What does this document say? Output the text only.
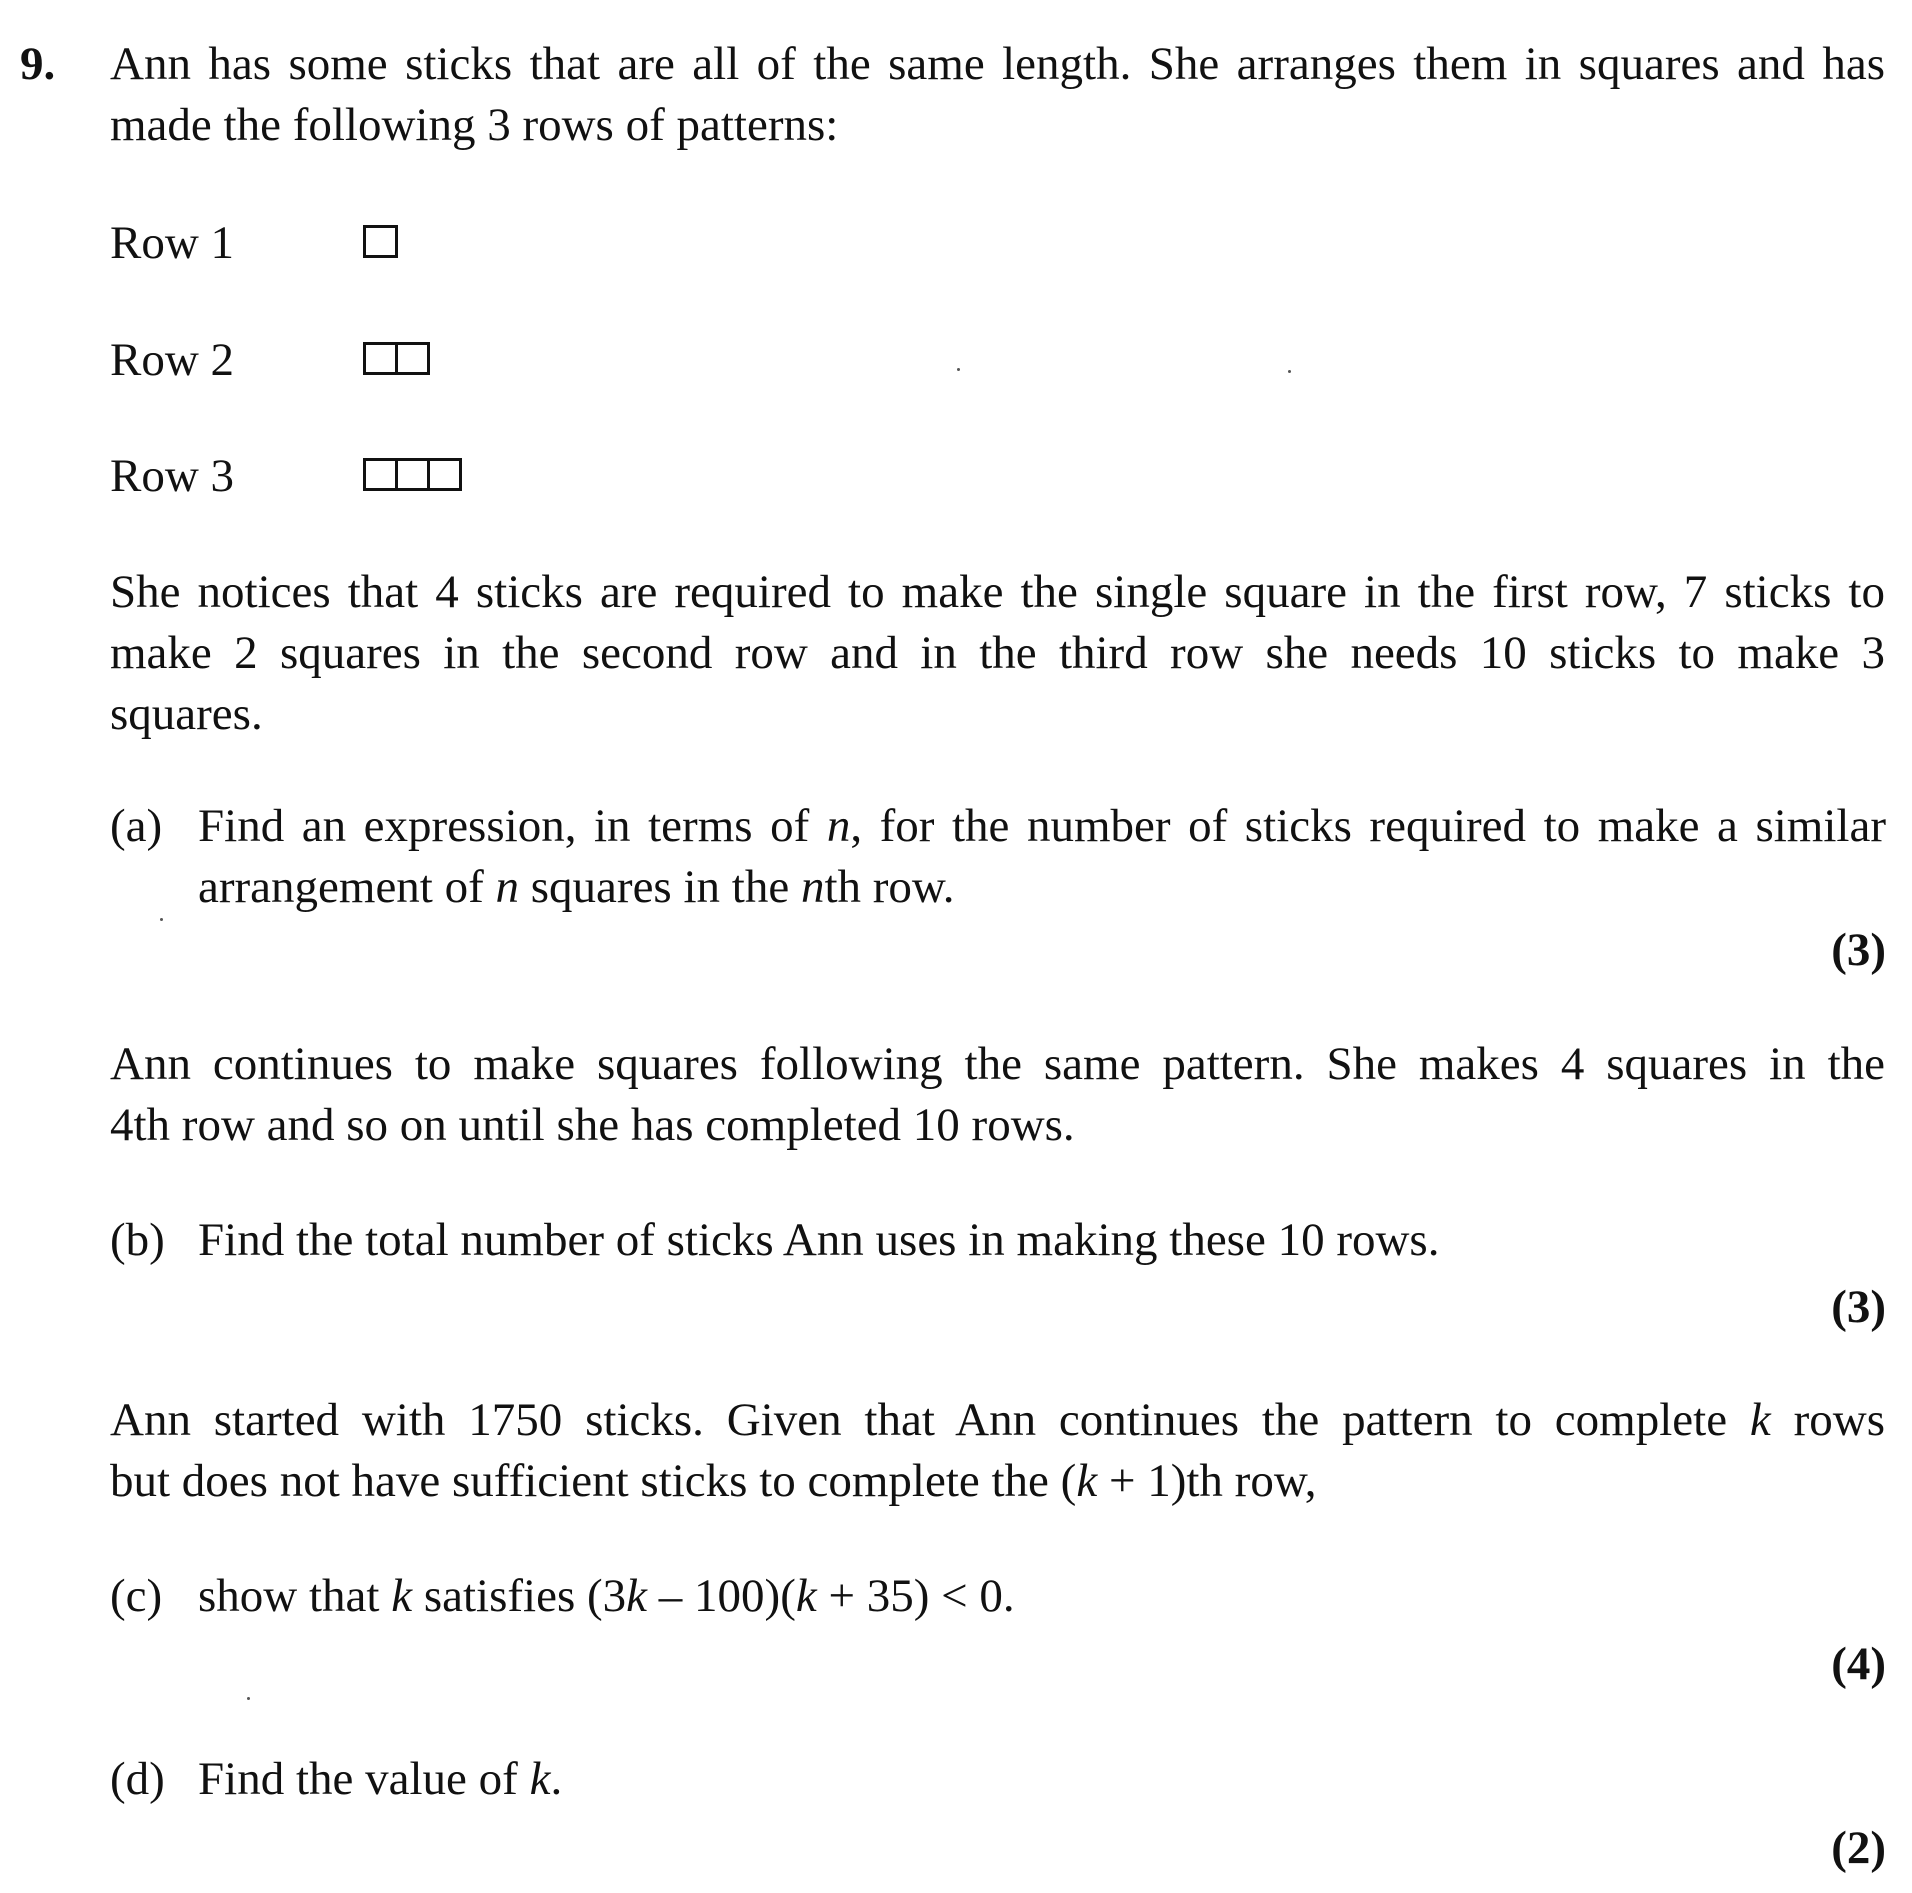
9. Ann has some sticks that are all of the same length. She arranges them in squares and has
made the following 3 rows of patterns:
Row 1
Row 2
Row 3
She notices that 4 sticks are required to make the single square in the first row, 7 sticks to
make 2 squares in the second row and in the third row she needs 10 sticks to make 3
squares.
(a) Find an expression, in terms of n, for the number of sticks required to make a similar
arrangement of n squares in the nth row.
(3)
Ann continues to make squares following the same pattern. She makes 4 squares in the
4th row and so on until she has completed 10 rows.
(b) Find the total number of sticks Ann uses in making these 10 rows.
(3)
Ann started with 1750 sticks. Given that Ann continues the pattern to complete k rows
but does not have sufficient sticks to complete the (k + 1)th row,
(c) show that k satisfies (3k – 100)(k + 35) < 0.
(4)
(d) Find the value of k.
(2)
